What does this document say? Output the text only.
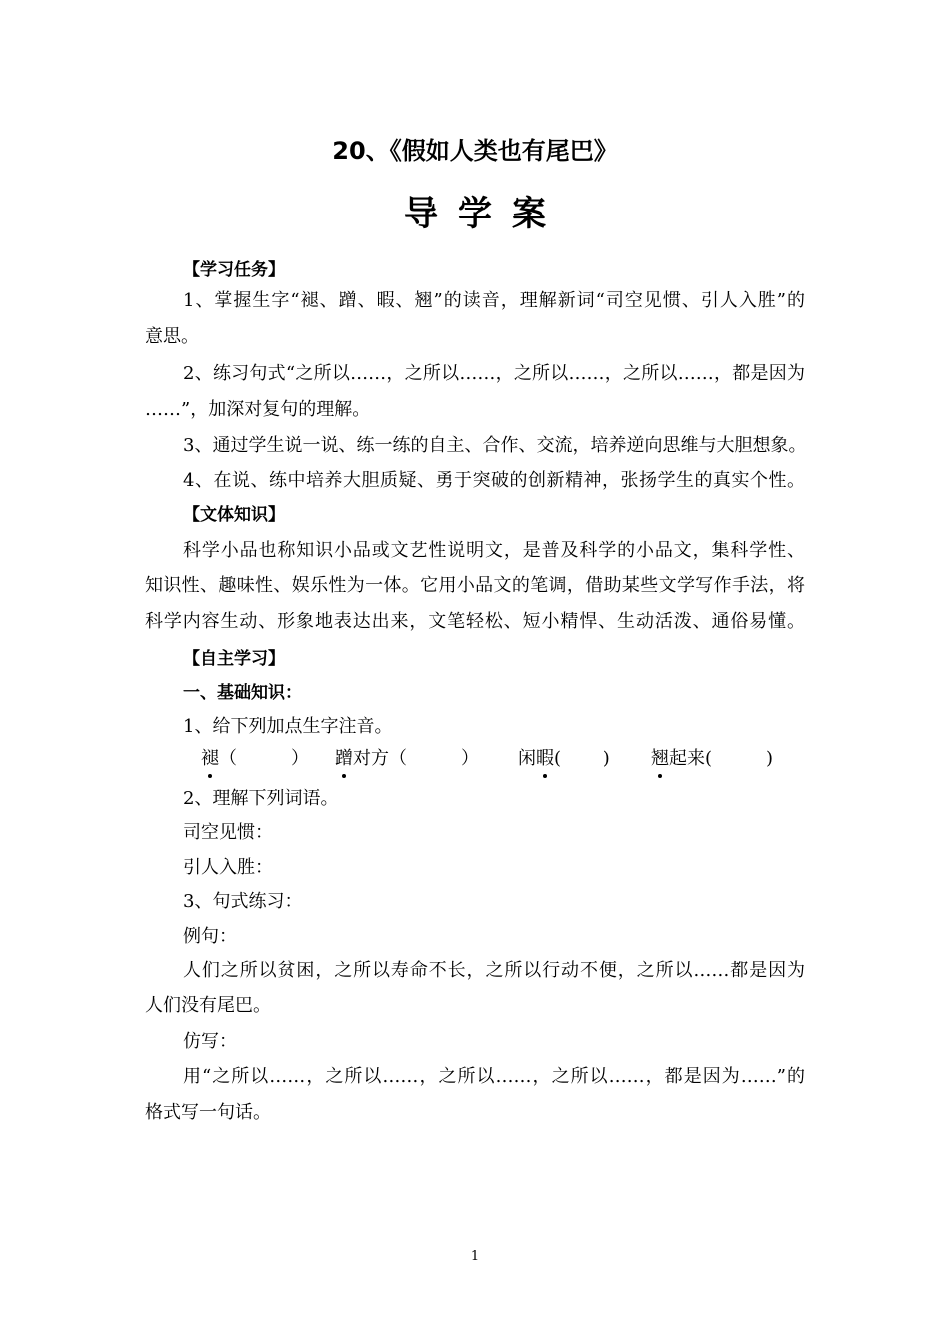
20、《假如人类也有尾巴》
导学案
【学习任务】
1、掌握生字“褪、蹭、暇、翘”的读音，理解新词“司空见惯、引人入胜”的
意思。
2、练习句式“之所以……，之所以……，之所以……，之所以……，都是因为
……”，加深对复句的理解。
3、通过学生说一说、练一练的自主、合作、交流，培养逆向思维与大胆想象。
4、在说、练中培养大胆质疑、勇于突破的创新精神，张扬学生的真实个性。
【文体知识】
科学小品也称知识小品或文艺性说明文，是普及科学的小品文，集科学性、
知识性、趣味性、娱乐性为一体。它用小品文的笔调，借助某些文学写作手法，将
科学内容生动、形象地表达出来，文笔轻松、短小精悍、生动活泼、通俗易懂。
【自主学习】
一、基础知识：
1、给下列加点生字注音。
褪（　　　） 蹭对方（　　　） 闲暇(　　 ) 翘起来(　　　)
2、理解下列词语。
司空见惯：
引人入胜：
3、句式练习：
例句：
人们之所以贫困，之所以寿命不长，之所以行动不便，之所以……都是因为
人们没有尾巴。
仿写：
用“之所以……，之所以……，之所以……，之所以……，都是因为……”的
格式写一句话。
1
